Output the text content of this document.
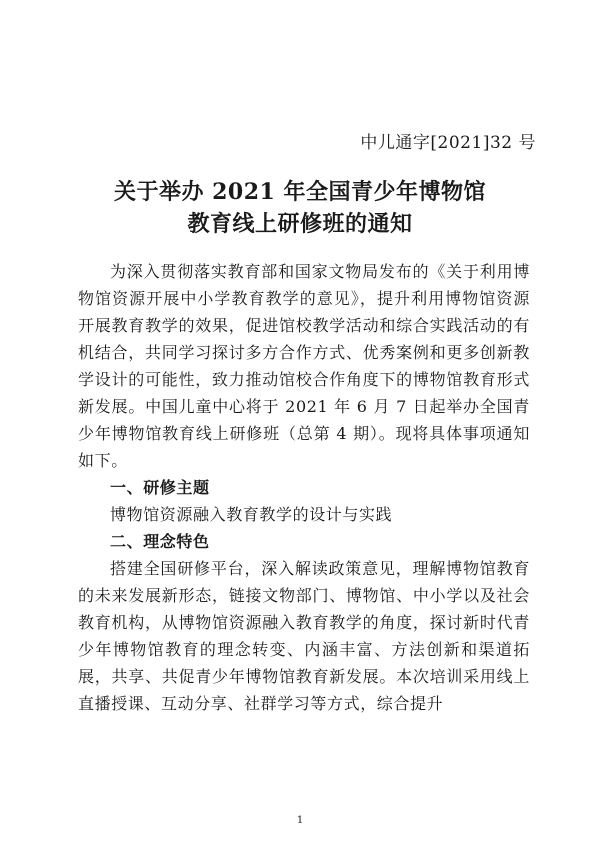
中儿通字[2021]32 号
关于举办 2021 年全国青少年博物馆
教育线上研修班的通知

为深入贯彻落实教育部和国家文物局发布的《关于利用博物馆资源开展中小学教育教学的意见》，提升利用博物馆资源开展教育教学的效果，促进馆校教学活动和综合实践活动的有机结合，共同学习探讨多方合作方式、优秀案例和更多创新教学设计的可能性，致力推动馆校合作角度下的博物馆教育形式新发展。中国儿童中心将于 2021 年 6 月 7 日起举办全国青少年博物馆教育线上研修班（总第 4 期）。现将具体事项通知如下。

一、研修主题

博物馆资源融入教育教学的设计与实践

二、理念特色

搭建全国研修平台，深入解读政策意见，理解博物馆教育的未来发展新形态，链接文物部门、博物馆、中小学以及社会教育机构，从博物馆资源融入教育教学的角度，探讨新时代青少年博物馆教育的理念转变、内涵丰富、方法创新和渠道拓展，共享、共促青少年博物馆教育新发展。本次培训采用线上直播授课、互动分享、社群学习等方式，综合提升

1
